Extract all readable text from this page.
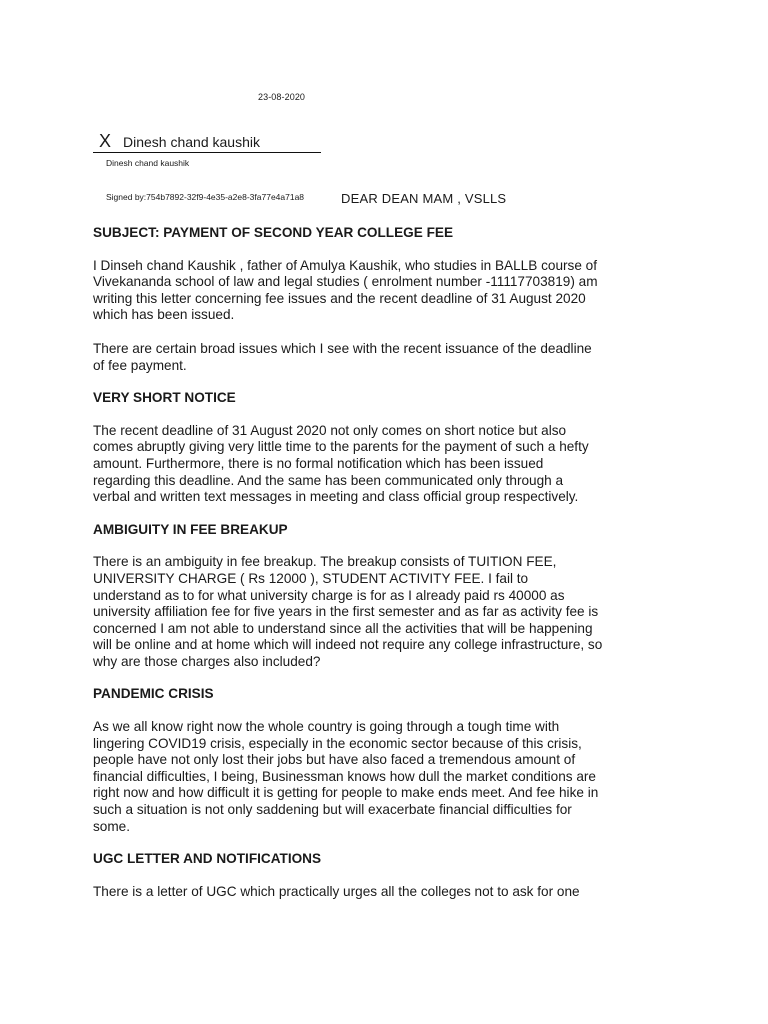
23-08-2020
X Dinesh chand kaushik
Dinesh chand kaushik
Signed by:754b7892-32f9-4e35-a2e8-3fa77e4a71a8	DEAR DEAN MAM , VSLLS

SUBJECT: PAYMENT OF SECOND YEAR COLLEGE FEE

I Dinseh chand Kaushik , father of Amulya Kaushik, who studies in BALLB course of
Vivekananda school of law and legal studies ( enrolment number -11117703819) am
writing this letter concerning fee issues and the recent deadline of 31 August 2020
which has been issued.

There are certain broad issues which I see with the recent issuance of the deadline
of fee payment.

VERY SHORT NOTICE

The recent deadline of 31 August 2020 not only comes on short notice but also
comes abruptly giving very little time to the parents for the payment of such a hefty
amount. Furthermore, there is no formal notification which has been issued
regarding this deadline. And the same has been communicated only through a
verbal and written text messages in meeting and class official group respectively.

AMBIGUITY IN FEE BREAKUP

There is an ambiguity in fee breakup. The breakup consists of TUITION FEE,
UNIVERSITY CHARGE ( Rs 12000 ), STUDENT ACTIVITY FEE. I fail to
understand as to for what university charge is for as I already paid rs 40000 as
university affiliation fee for five years in the first semester and as far as activity fee is
concerned I am not able to understand since all the activities that will be happening
will be online and at home which will indeed not require any college infrastructure, so
why are those charges also included?

PANDEMIC CRISIS

As we all know right now the whole country is going through a tough time with
lingering COVID19 crisis, especially in the economic sector because of this crisis,
people have not only lost their jobs but have also faced a tremendous amount of
financial difficulties, I being, Businessman knows how dull the market conditions are
right now and how difficult it is getting for people to make ends meet. And fee hike in
such a situation is not only saddening but will exacerbate financial difficulties for
some.

UGC LETTER AND NOTIFICATIONS

There is a letter of UGC which practically urges all the colleges not to ask for one
